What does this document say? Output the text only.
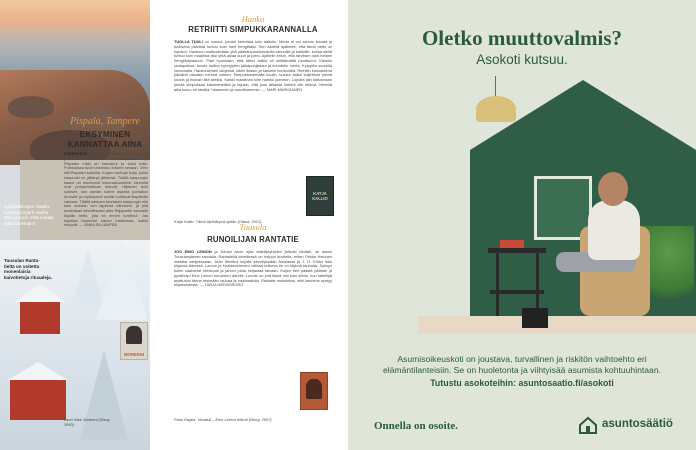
Kylpylälaivojen Hauko-
lunnaa ympärö vanha
Meri ja tuuli, mitä maalla
pitää tarvitaan?
Tuusulan Ranta-
tieltä on voitettu
monenlaisia
kaivotietoja rituaaleja.
Pispala, Tampere
EKSYMINEN
KANNATTAA AINA
ETEENPÄIN! Pohdiskelin selkää ja mikä menee ja ehdin. Täällä katto on aika Tampereella – ja Pispalan mäki on kasvanut ja tullut tuttu. Puistolassa tuuli tunkeutuu lokkien sekaan. Olen silti Pispalan kaduilla. Kuljen vanhoja kujia, joihin kaupunki on jättänyt jälkensä. Täällä kaupungin kaaos on muuttunut kokonaisuudeksi, tarinoita ovat pohjavirraltaan iskeviä. Hiljainen tuuli suhisee, kun asetan kolme askelta portaikon reunalle ja rapistuneet seinät hohtavat iltapäivän valossa. Täältä katsoen tunnistan kaupungin niin kuin muistan sen lapsena nähneeni, ja yhä uudestaan kävellessäni alas Rajaportin saunalle löydän reitin, jota en ennen tuntenut. Jos tuijottaa tarpeeksi kauan maisemaa, kaikki eksyvät. — ANNA SILLANPÄÄ
Lauri Viita: Moreeni (Wsoy, 1950)
MOREENI
Hanko
RETRIITTI SIMPUKKARANNALLA
TUOLLA TUULI on nousut, joudut kerrottaa kuin aaltoilu. Merta ei voi sanoin kuvata ja tuulisena päivänä tuntuu kuin meri hengittäisi. Sen äärellä ajattelee, että tämä hetki on loputon. Hankoon matkustetaan yhä pääkaupunkiseudulta rannoille ja kallioille, koska siellä tuntuu kuin maailma olisi yhtä aikaa suuri ja pieni. Ajattelin ensin, että tarvitsen vain hetken hengähdystauon. Pian huomasin, että lähes kaikki oli selittämättä muuttunut. Kävelin rantapolkua, tunsin kallion kylmyyden jalkapohjissani ja kuuntelin merta. Kylpylän suurella verannalla, Hankoniemen kärjessä, istuin iltaisin ja katselin horisonttia. Retriitin kolmantena päivänä uskalsin mennä veteen. Simpukkarannalla kuulin, kuinka aallot kuljettivat pieniä kuoria ja hioivat niitä sileiksi. Kaikki maailman kiire haihtui jonnekin. Lopulta jäin katsomaan pientä simpukkaa kämmenelläni ja tajusin, että juuri tällaista hetkeä olin etsinyt. Merellä aika kuluu eri tavalla, hitaammin ja armollisemmin. — MARI MARKKANEN
Katja Kallio: Tämä läpinäkyvä sydän (Otava, 2021)
KATJA
KALLIO
Tuusula
RUNOILIJAN RANTATIE
JOS EINO LEINON ja Juhani Ahon ajan taiteilijayhteisö jatkuisi tänään, se asuisi Tuusulanjärven rannalla. Rantatiellä kävellessä on helppo kuvitella, miten Pekka Halonen maalasi ateljeessaan, Jean Sibelius kirjoitti sävellyksiään Ainolassa ja J. H. Erkko istui kirjansa ääressä. Lemun ja Halosenniemen välissä kulkeva tie on täynnä tarinoita. Syksyn tullen vaahterat hehkuvat ja järven pinta heijastaa taivaan. Kuljen tien päästä päähän ja pysähdyn Eino Leinon runokiven äärelle. Luonto on yhä läsnä niin kuin silloin, kun taiteilijat asettuivat tänne etsimään rauhaa ja inspiraatiota. Rantatie muistuttaa, että kauneus syntyy hiljaisuudesta. — TARJA HIRVASNORO
Panu Rajala: Virvatuli – Eino Leinon elämä (Wsoy, 2007)
Oletko muuttovalmis?
Asokoti kutsuu.
Asumisoikeuskoti on joustava, turvallinen ja riskitön vaihtoehto eri elämäntilanteisiin. Se on huoletonta ja viihtyisää asumista kohtuuhintaan.
Tutustu asokoteihin: asuntosaatio.fi/asokoti
Onnella on osoite.	asuntosäätiö
